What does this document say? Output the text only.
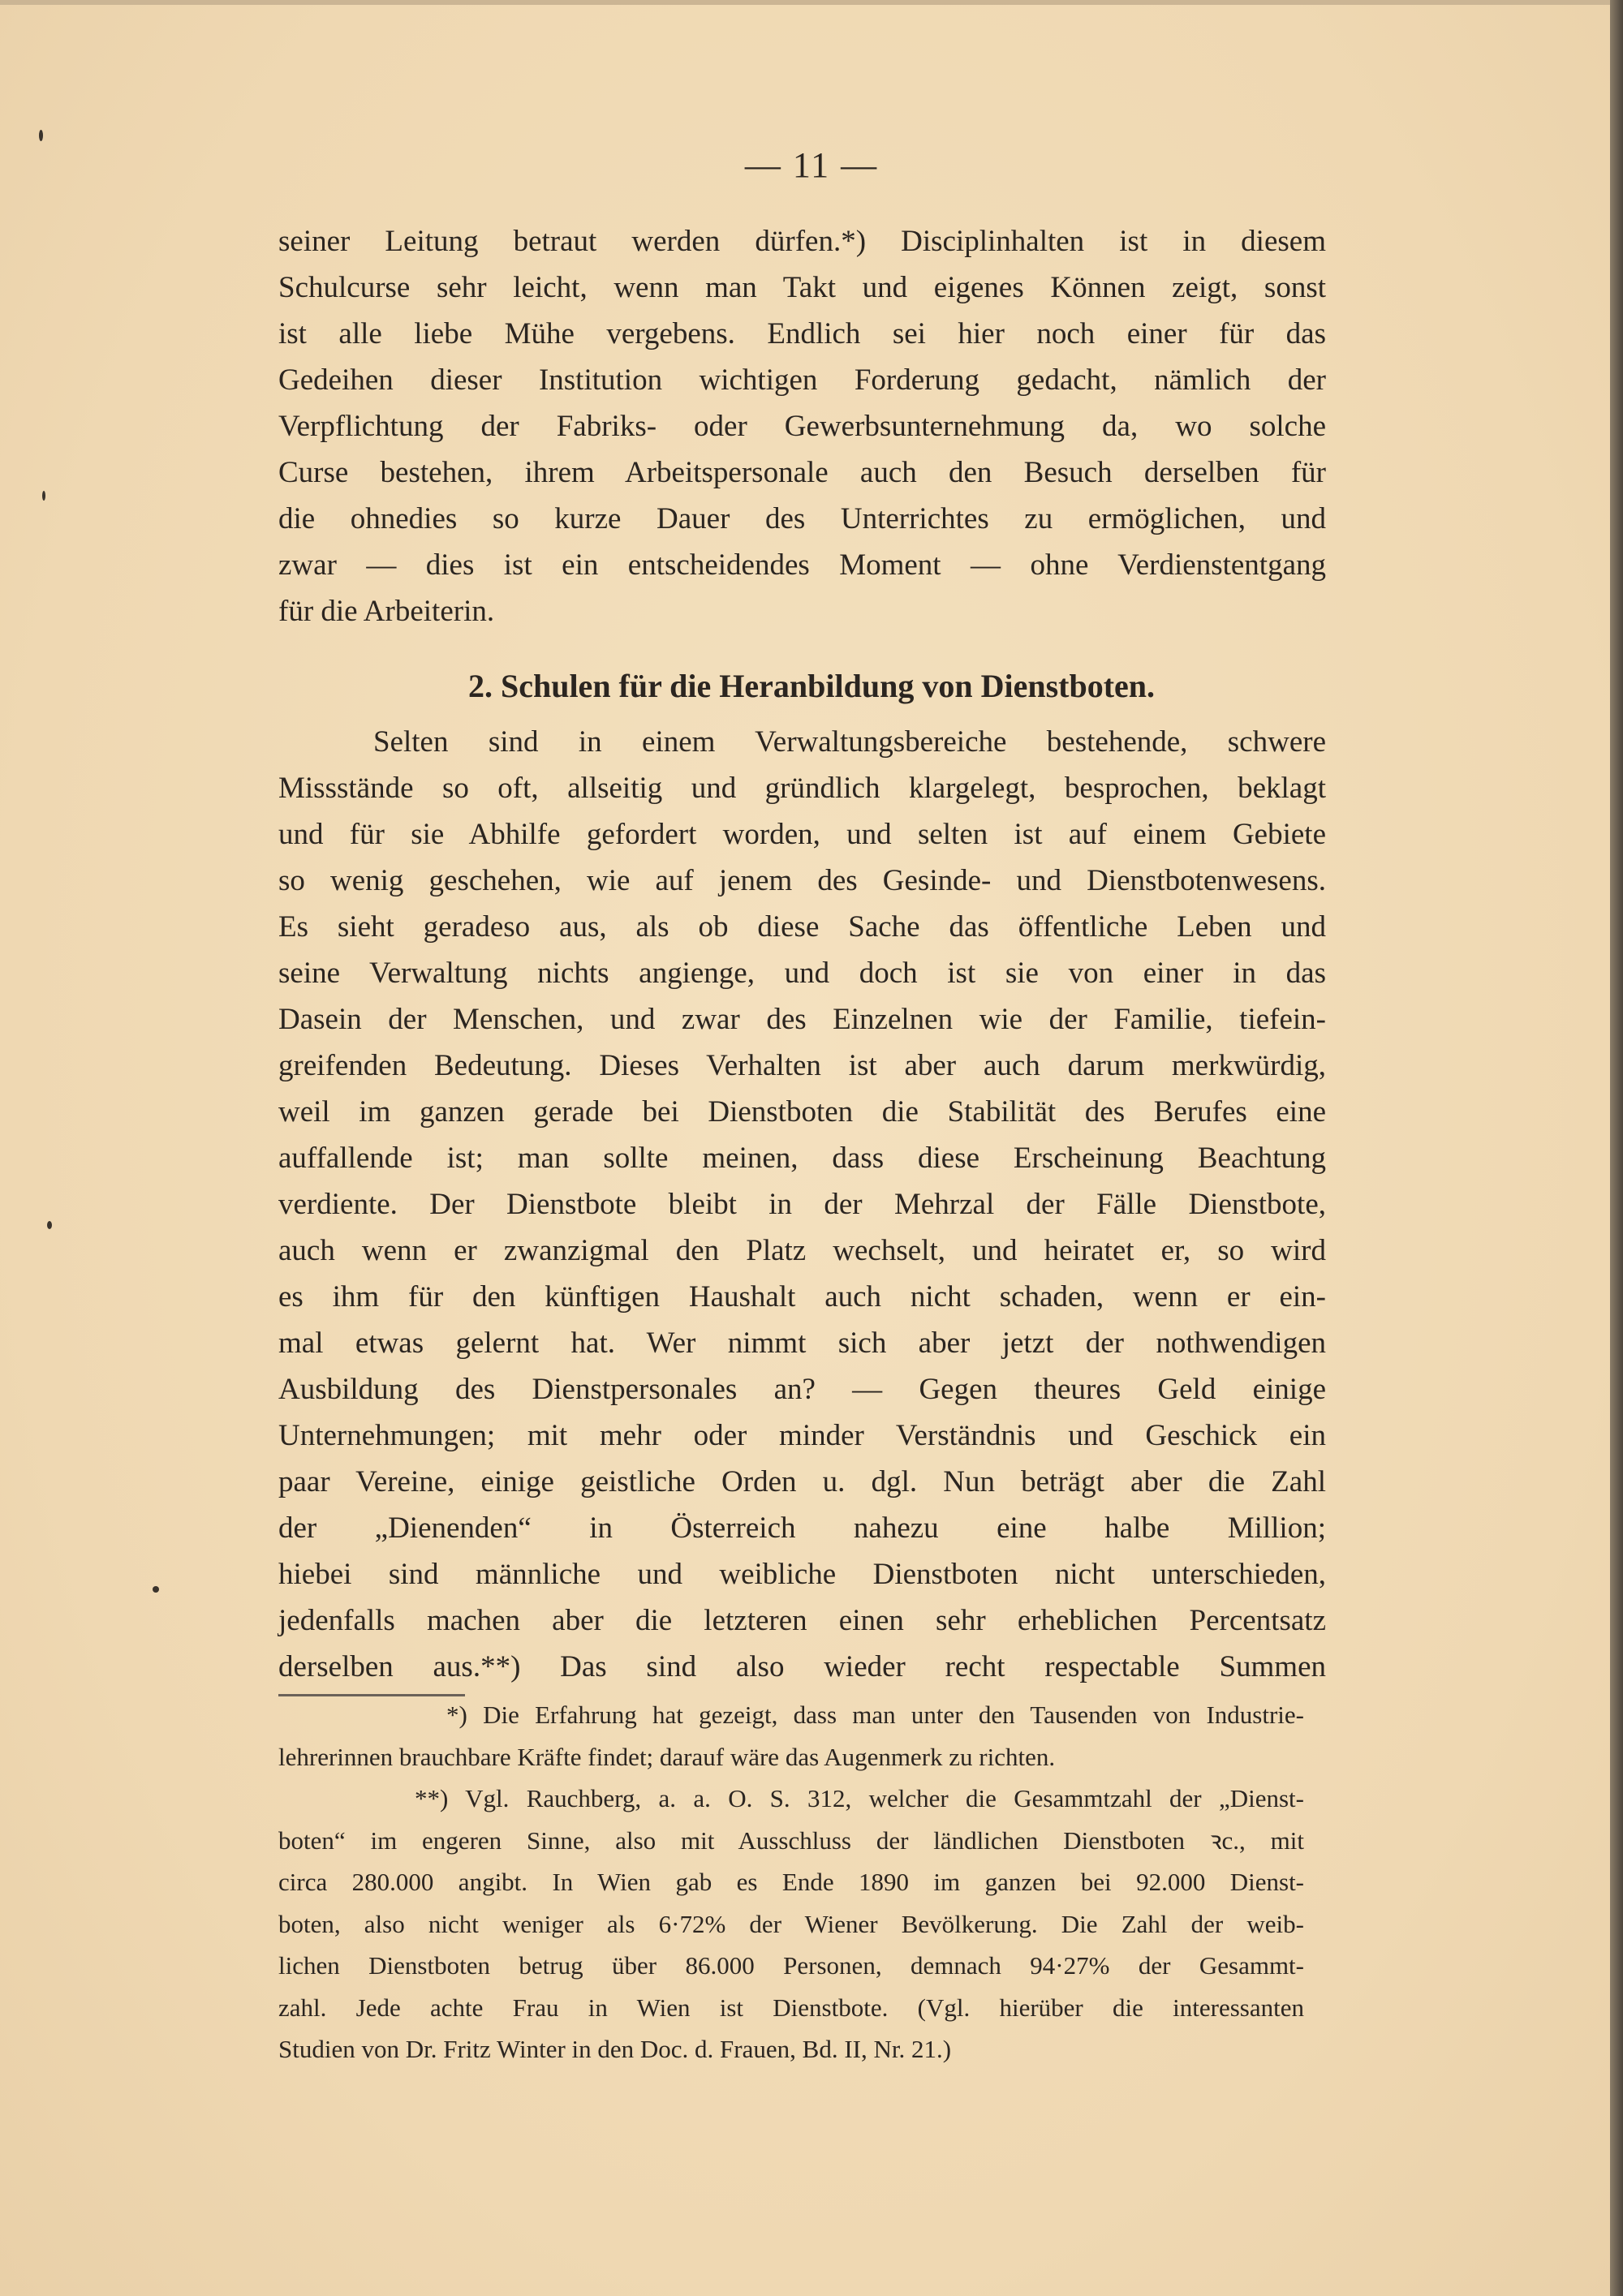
— 11 —
seiner Leitung betraut werden dürfen.*) Disciplinhalten ist in diesem
Schulcurse sehr leicht, wenn man Takt und eigenes Können zeigt, sonst
ist alle liebe Mühe vergebens. Endlich sei hier noch einer für das
Gedeihen dieser Institution wichtigen Forderung gedacht, nämlich der
Verpflichtung der Fabriks- oder Gewerbsunternehmung da, wo solche
Curse bestehen, ihrem Arbeitspersonale auch den Besuch derselben für
die ohnedies so kurze Dauer des Unterrichtes zu ermöglichen, und
zwar — dies ist ein entscheidendes Moment — ohne Verdienstentgang
für die Arbeiterin.
2. Schulen für die Heranbildung von Dienstboten.
Selten sind in einem Verwaltungsbereiche bestehende, schwere
Missstände so oft, allseitig und gründlich klargelegt, besprochen, beklagt
und für sie Abhilfe gefordert worden, und selten ist auf einem Gebiete
so wenig geschehen, wie auf jenem des Gesinde- und Dienstbotenwesens.
Es sieht geradeso aus, als ob diese Sache das öffentliche Leben und
seine Verwaltung nichts angienge, und doch ist sie von einer in das
Dasein der Menschen, und zwar des Einzelnen wie der Familie, tiefein-
greifenden Bedeutung. Dieses Verhalten ist aber auch darum merkwürdig,
weil im ganzen gerade bei Dienstboten die Stabilität des Berufes eine
auffallende ist; man sollte meinen, dass diese Erscheinung Beachtung
verdiente. Der Dienstbote bleibt in der Mehrzal der Fälle Dienstbote,
auch wenn er zwanzigmal den Platz wechselt, und heiratet er, so wird
es ihm für den künftigen Haushalt auch nicht schaden, wenn er ein-
mal etwas gelernt hat. Wer nimmt sich aber jetzt der nothwendigen
Ausbildung des Dienstpersonales an? — Gegen theures Geld einige
Unternehmungen; mit mehr oder minder Verständnis und Geschick ein
paar Vereine, einige geistliche Orden u. dgl. Nun beträgt aber die Zahl
der „Dienenden“ in Österreich nahezu eine halbe Million;
hiebei sind männliche und weibliche Dienstboten nicht unterschieden,
jedenfalls machen aber die letzteren einen sehr erheblichen Percentsatz
derselben aus.**) Das sind also wieder recht respectable Summen
*) Die Erfahrung hat gezeigt, dass man unter den Tausenden von Industrie-
lehrerinnen brauchbare Kräfte findet; darauf wäre das Augenmerk zu richten.
**) Vgl. Rauchberg, a. a. O. S. 312, welcher die Gesammtzahl der „Dienst-
boten“ im engeren Sinne, also mit Ausschluss der ländlichen Dienstboten ꝛc., mit
circa 280.000 angibt. In Wien gab es Ende 1890 im ganzen bei 92.000 Dienst-
boten, also nicht weniger als 6·72% der Wiener Bevölkerung. Die Zahl der weib-
lichen Dienstboten betrug über 86.000 Personen, demnach 94·27% der Gesammt-
zahl. Jede achte Frau in Wien ist Dienstbote. (Vgl. hierüber die interessanten
Studien von Dr. Fritz Winter in den Doc. d. Frauen, Bd. II, Nr. 21.)
